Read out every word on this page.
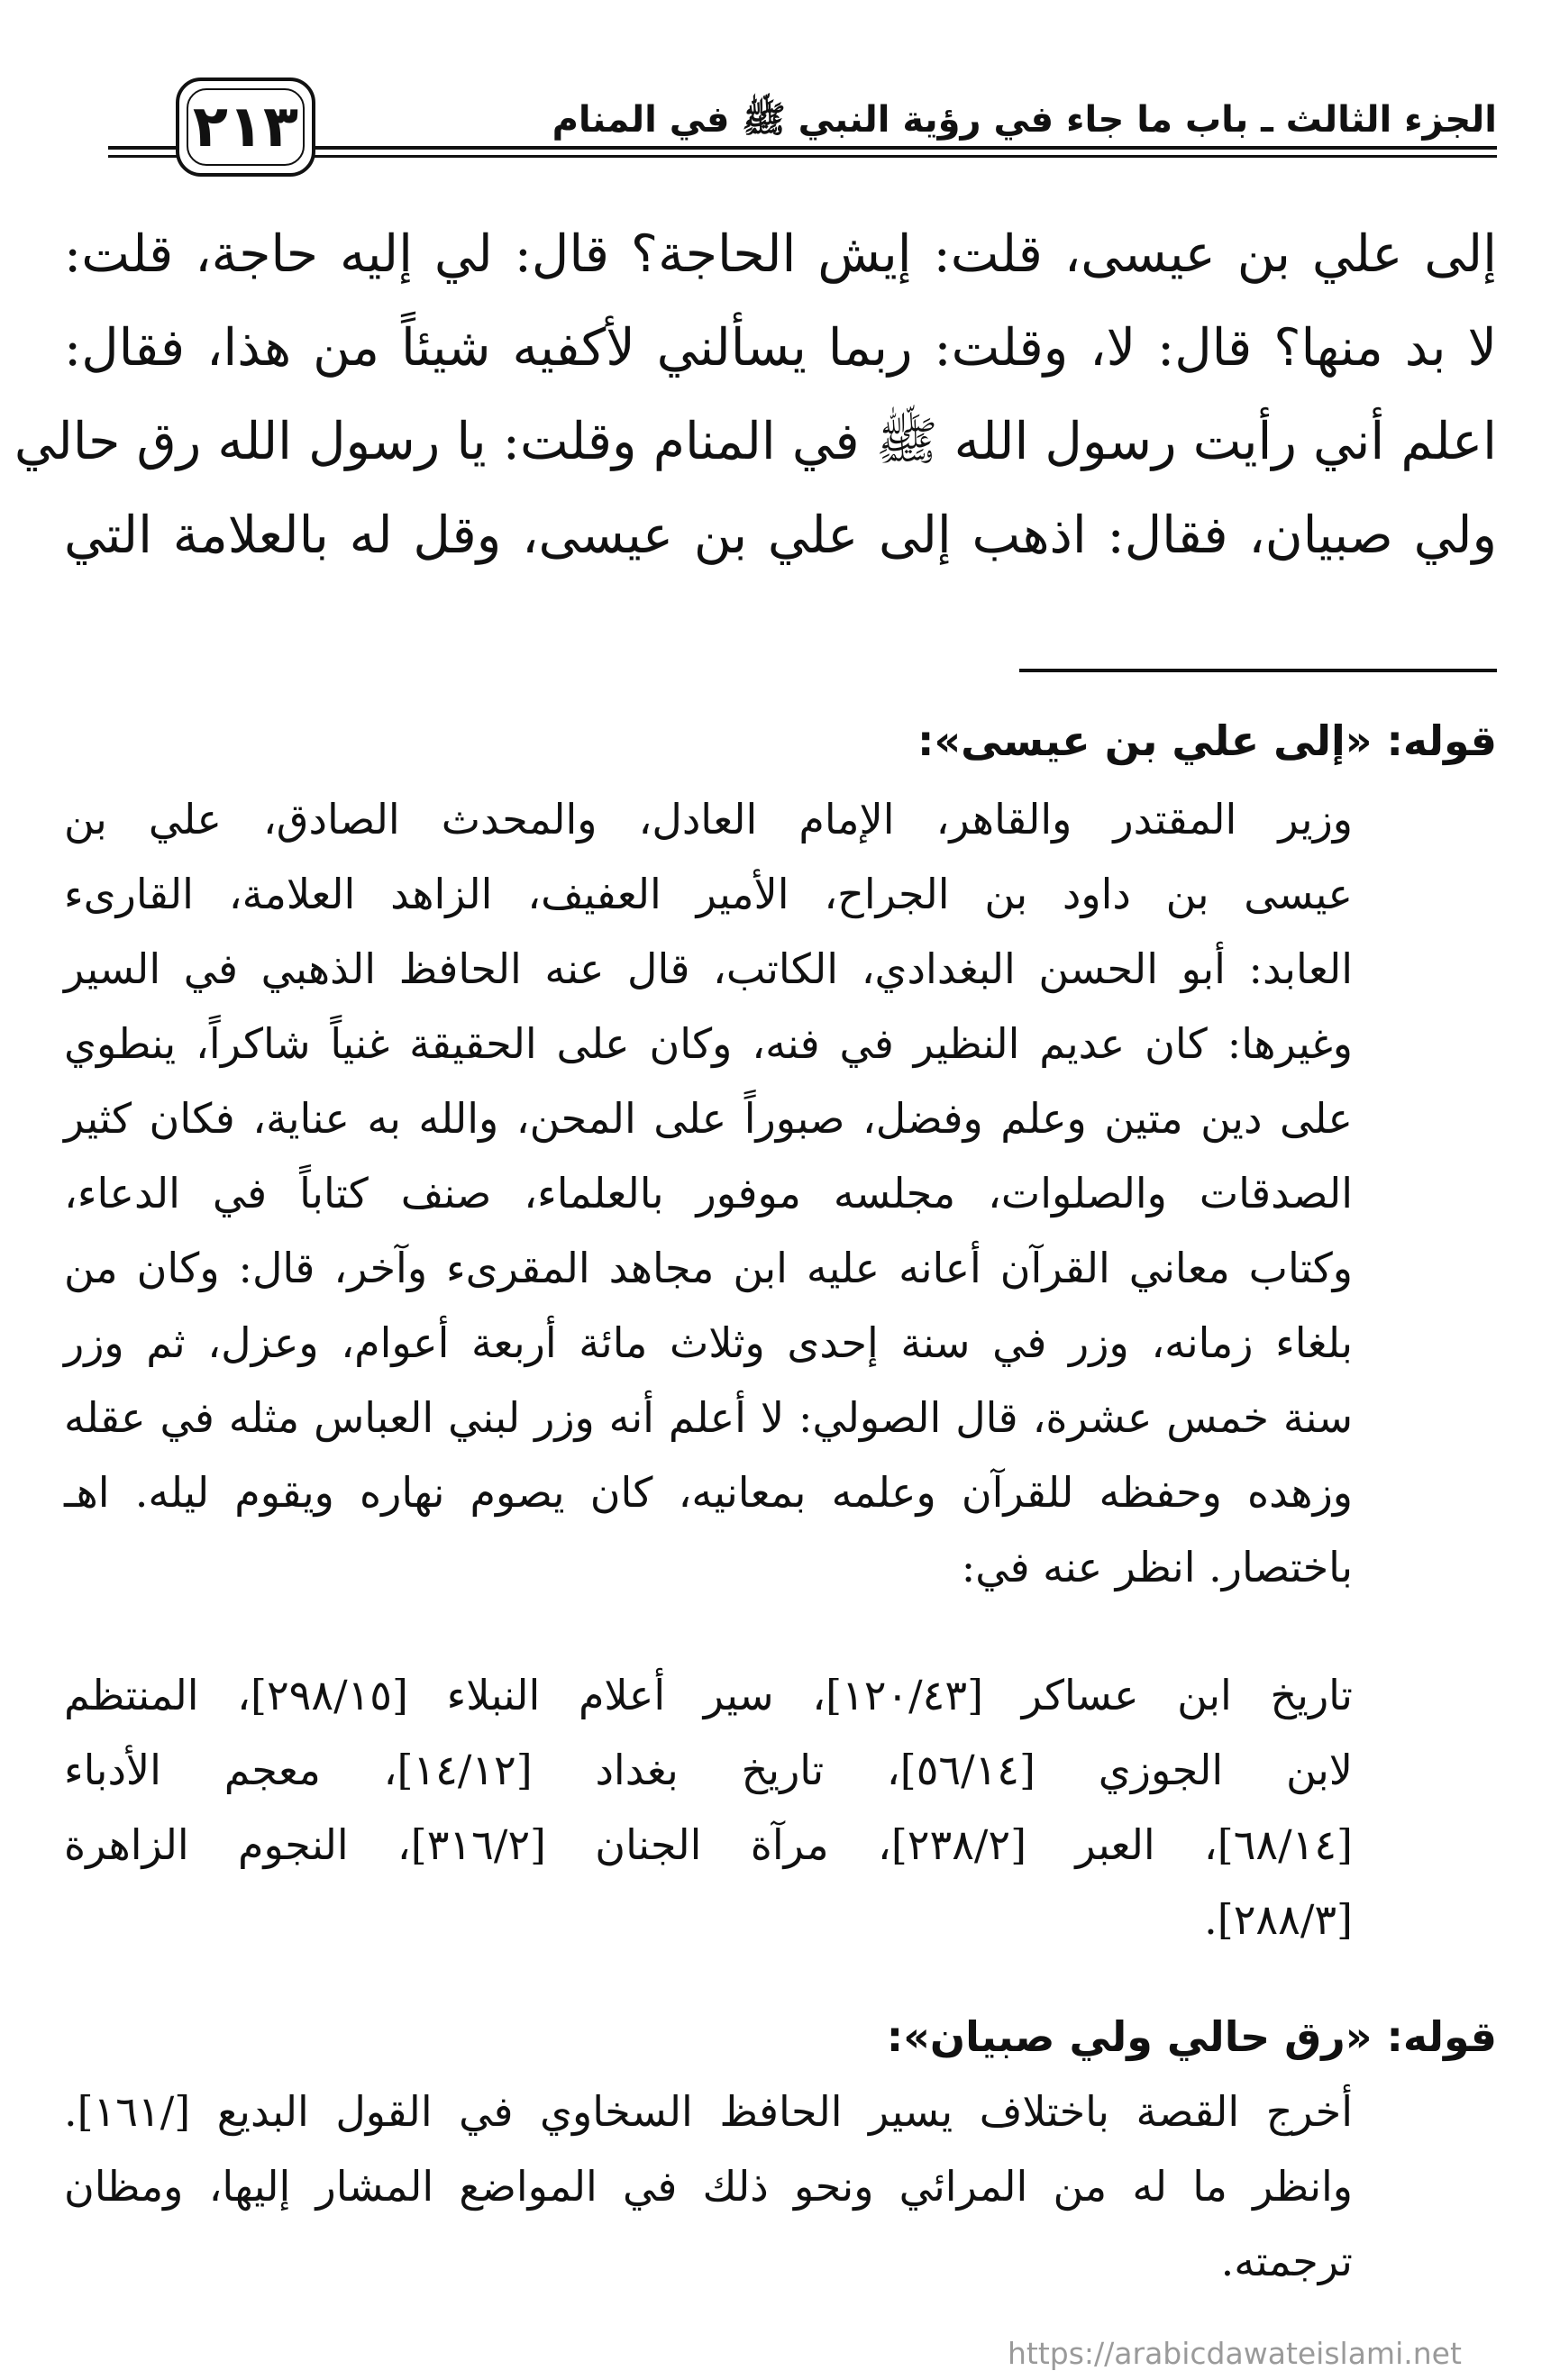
الجزء الثالث ـ باب ما جاء في رؤية النبي ﷺ في المنام
٢١٣
إلى علي بن عيسى، قلت: إيش الحاجة؟ قال: لي إليه حاجة، قلت:
لا بد منها؟ قال: لا، وقلت: ربما يسألني لأكفيه شيئاً من هذا، فقال:
اعلم أني رأيت رسول الله ﷺ في المنام وقلت: يا رسول الله رق حالي
ولي صبيان، فقال: اذهب إلى علي بن عيسى، وقل له بالعلامة التي
قوله: «إلى علي بن عيسى»:
وزير المقتدر والقاهر، الإمام العادل، والمحدث الصادق، علي بن
عيسى بن داود بن الجراح، الأمير العفيف، الزاهد العلامة، القارىء
العابد: أبو الحسن البغدادي، الكاتب، قال عنه الحافظ الذهبي في السير
وغيرها: كان عديم النظير في فنه، وكان على الحقيقة غنياً شاكراً، ينطوي
على دين متين وعلم وفضل، صبوراً على المحن، والله به عناية، فكان كثير
الصدقات والصلوات، مجلسه موفور بالعلماء، صنف كتاباً في الدعاء،
وكتاب معاني القرآن أعانه عليه ابن مجاهد المقرىء وآخر، قال: وكان من
بلغاء زمانه، وزر في سنة إحدى وثلاث مائة أربعة أعوام، وعزل، ثم وزر
سنة خمس عشرة، قال الصولي: لا أعلم أنه وزر لبني العباس مثله في عقله
وزهده وحفظه للقرآن وعلمه بمعانيه، كان يصوم نهاره ويقوم ليله. اهـ
باختصار. انظر عنه في:
تاريخ ابن عساكر [١٢٠/٤٣]، سير أعلام النبلاء [٢٩٨/١٥]، المنتظم
لابن الجوزي [٥٦/١٤]، تاريخ بغداد [١٤/١٢]، معجم الأدباء
[٦٨/١٤]، العبر [٢٣٨/٢]، مرآة الجنان [٣١٦/٢]، النجوم الزاهرة
[٢٨٨/٣].
قوله: «رق حالي ولي صبيان»:
أخرج القصة باختلاف يسير الحافظ السخاوي في القول البديع [/١٦١].
وانظر ما له من المرائي ونحو ذلك في المواضع المشار إليها، ومظان
ترجمته.
https://arabicdawateislami.net
